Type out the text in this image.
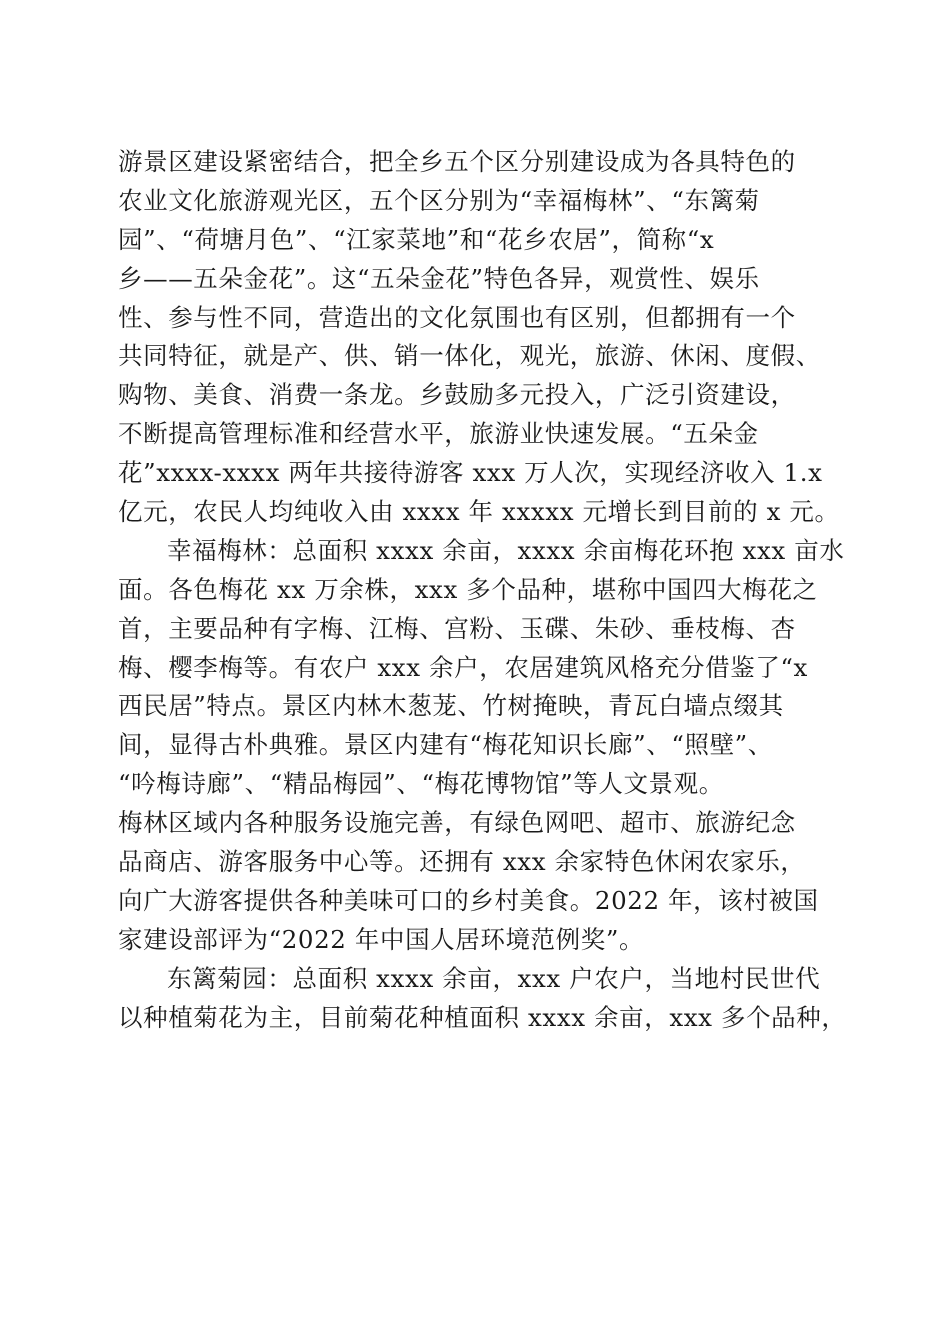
游景区建设紧密结合，把全乡五个区分别建设成为各具特色的
农业文化旅游观光区，五个区分别为“幸福梅林”、“东篱菊
园”、“荷塘月色”、“江家菜地”和“花乡农居”，简称“x
乡——五朵金花”。这“五朵金花”特色各异，观赏性、娱乐
性、参与性不同，营造出的文化氛围也有区别，但都拥有一个
共同特征，就是产、供、销一体化，观光，旅游、休闲、度假、
购物、美食、消费一条龙。乡鼓励多元投入，广泛引资建设，
不断提高管理标准和经营水平，旅游业快速发展。“五朵金
花”xxxx-xxxx 两年共接待游客 xxx 万人次，实现经济收入 1.x
亿元，农民人均纯收入由 xxxx 年 xxxxx 元增长到目前的 x 元。
幸福梅林：总面积 xxxx 余亩，xxxx 余亩梅花环抱 xxx 亩水
面。各色梅花 xx 万余株，xxx 多个品种，堪称中国四大梅花之
首，主要品种有字梅、江梅、宫粉、玉碟、朱砂、垂枝梅、杏
梅、樱李梅等。有农户 xxx 余户，农居建筑风格充分借鉴了“x
西民居”特点。景区内林木葱茏、竹树掩映，青瓦白墙点缀其
间，显得古朴典雅。景区内建有“梅花知识长廊”、“照壁”、
“吟梅诗廊”、“精品梅园”、“梅花博物馆”等人文景观。
梅林区域内各种服务设施完善，有绿色网吧、超市、旅游纪念
品商店、游客服务中心等。还拥有 xxx 余家特色休闲农家乐，
向广大游客提供各种美味可口的乡村美食。2022 年，该村被国
家建设部评为“2022 年中国人居环境范例奖”。
东篱菊园：总面积 xxxx 余亩，xxx 户农户，当地村民世代
以种植菊花为主，目前菊花种植面积 xxxx 余亩，xxx 多个品种，
